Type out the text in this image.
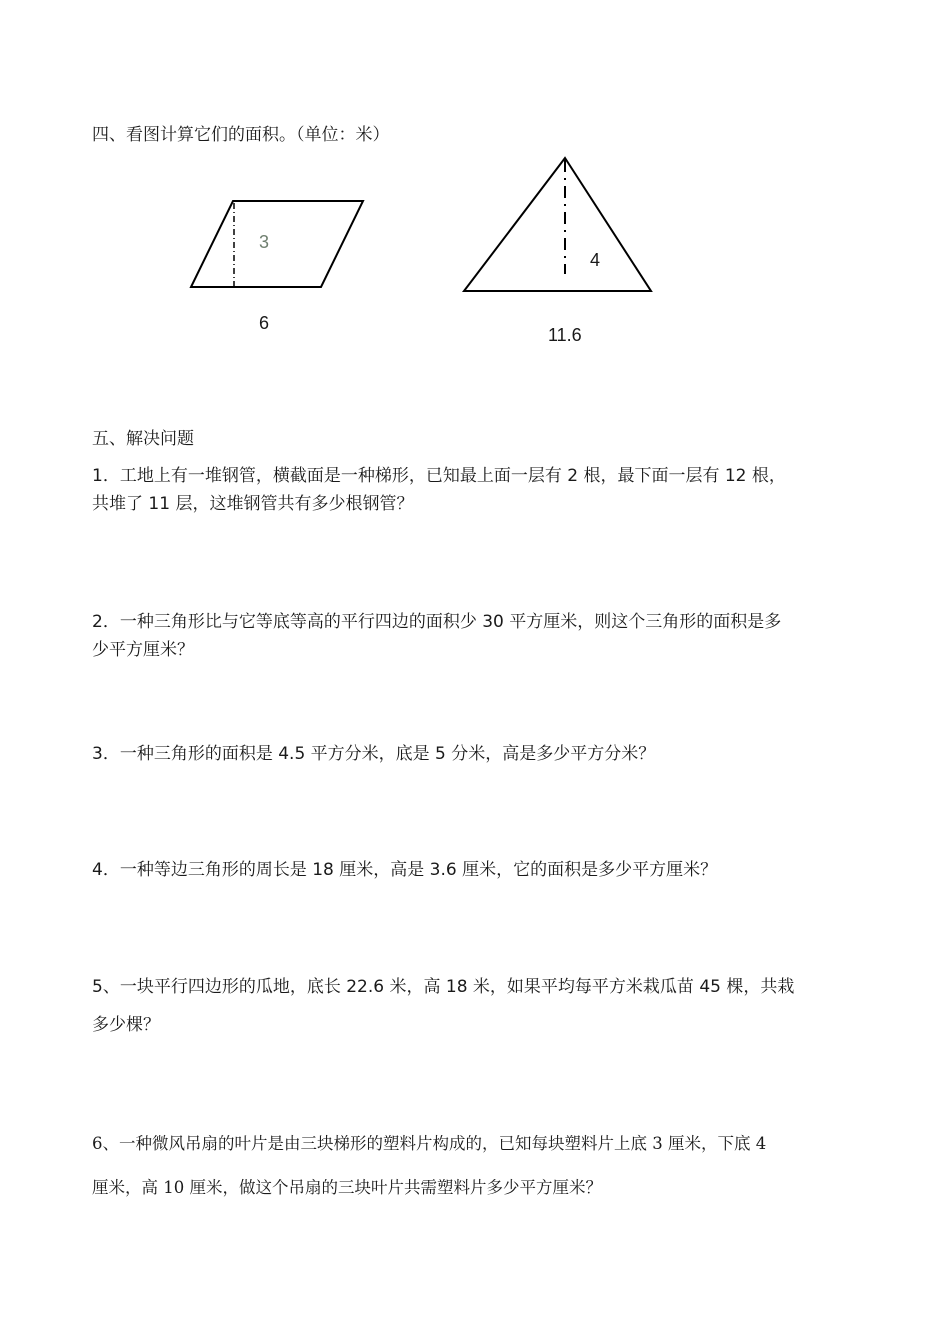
四、看图计算它们的面积。（单位：米）
3
6
4
11.6
五、解决问题
1．工地上有一堆钢管，横截面是一种梯形，已知最上面一层有 2 根，最下面一层有 12 根，
共堆了 11 层，这堆钢管共有多少根钢管？
2．一种三角形比与它等底等高的平行四边的面积少 30 平方厘米，则这个三角形的面积是多
少平方厘米？
3．一种三角形的面积是 4.5 平方分米，底是 5 分米，高是多少平方分米？
4．一种等边三角形的周长是 18 厘米，高是 3.6 厘米，它的面积是多少平方厘米？
5、一块平行四边形的瓜地，底长 22.6 米，高 18 米，如果平均每平方米栽瓜苗 45 棵，共栽
多少棵？
6、一种微风吊扇的叶片是由三块梯形的塑料片构成的，已知每块塑料片上底 3 厘米，下底 4
厘米，高 10 厘米，做这个吊扇的三块叶片共需塑料片多少平方厘米？
